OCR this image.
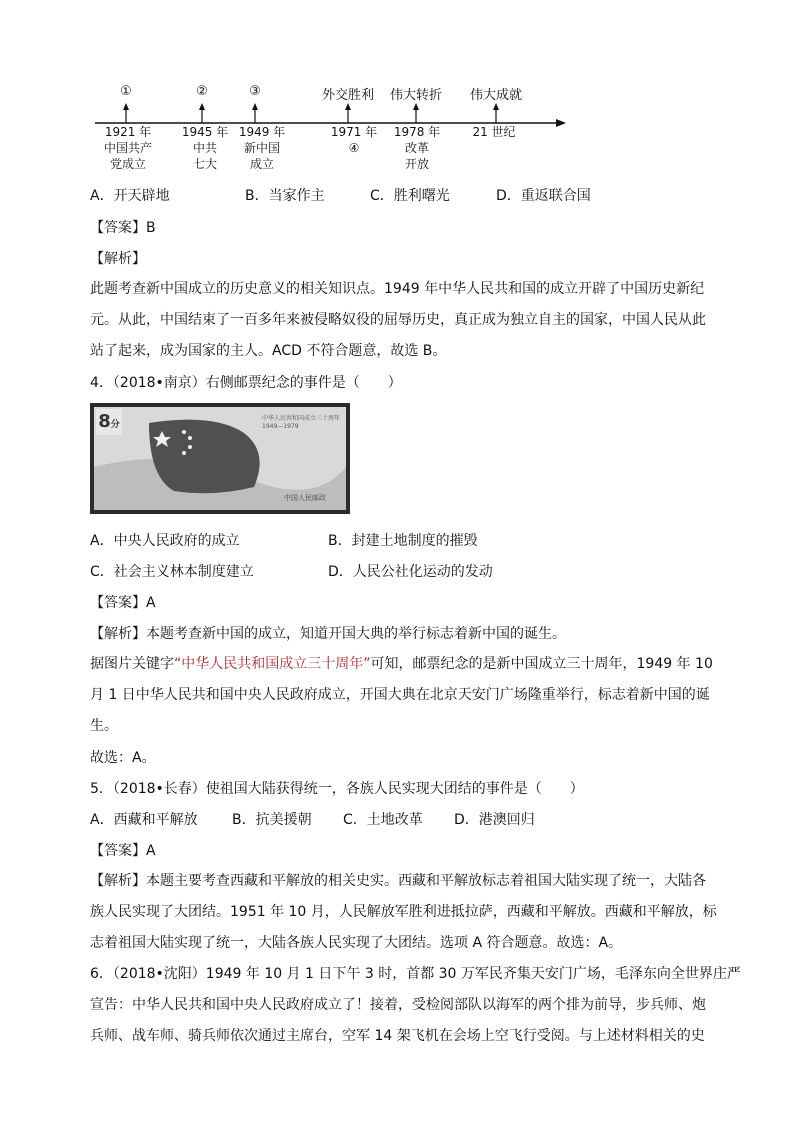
①	②	③	外交胜利 伟大转折 伟大成就
1921 年
中国共产
党成立
1945 年
中共
七大
1949 年
新中国
成立
1971 年
④
1978 年
改革
开放
21 世纪
A．开天辟地	B．当家作主	C．胜利曙光	D．重返联合国
【答案】B
【解析】
此题考查新中国成立的历史意义的相关知识点。1949 年中华人民共和国的成立开辟了中国历史新纪
元。从此，中国结束了一百多年来被侵略奴役的屈辱历史，真正成为独立自主的国家，中国人民从此
站了起来，成为国家的主人。ACD 不符合题意，故选 B。
4．（2018•南京）右侧邮票纪念的事件是（　　）
8分
中华人民共和国成立三十周年
1949—1979
中国人民邮政
A．中央人民政府的成立	B．封建土地制度的摧毁
C．社会主义林本制度建立	D．人民公社化运动的发动
【答案】A
【解析】本题考查新中国的成立，知道开国大典的举行标志着新中国的诞生。
据图片关键字“中华人民共和国成立三十周年”可知，邮票纪念的是新中国成立三十周年，1949 年 10
月 1 日中华人民共和国中央人民政府成立，开国大典在北京天安门广场隆重举行，标志着新中国的诞
生。
故选：A。
5．（2018•长春）使祖国大陆获得统一，各族人民实现大团结的事件是（　　）
A．西藏和平解放 B．抗美援朝 C．土地改革 D．港澳回归
【答案】A
【解析】本题主要考查西藏和平解放的相关史实。西藏和平解放标志着祖国大陆实现了统一，大陆各
族人民实现了大团结。1951 年 10 月，人民解放军胜利进抵拉萨，西藏和平解放。西藏和平解放，标
志着祖国大陆实现了统一，大陆各族人民实现了大团结。选项 A 符合题意。故选：A。
6．（2018•沈阳）1949 年 10 月 1 日下午 3 时，首都 30 万军民齐集天安门广场，毛泽东向全世界庄严
宣告：中华人民共和国中央人民政府成立了！接着，受检阅部队以海军的两个排为前导，步兵师、炮
兵师、战车师、骑兵师依次通过主席台，空军 14 架飞机在会场上空飞行受阅。与上述材料相关的史
